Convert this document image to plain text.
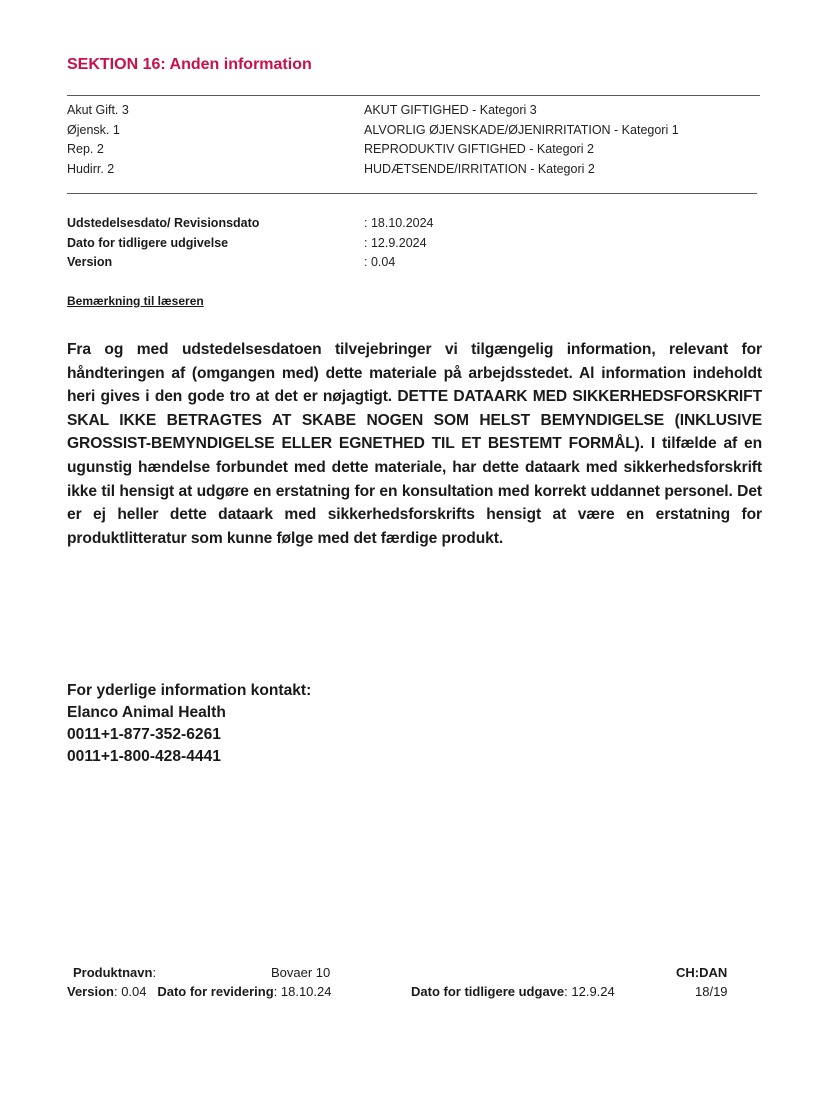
SEKTION 16: Anden information
Akut Gift. 3	AKUT GIFTIGHED - Kategori 3
Øjensk. 1	ALVORLIG ØJENSKADE/ØJENIRRITATION - Kategori 1
Rep. 2	REPRODUKTIV GIFTIGHED - Kategori 2
Hudirr. 2	HUDÆTSENDE/IRRITATION - Kategori 2
Udstedelsesdato/ Revisionsdato	: 18.10.2024
Dato for tidligere udgivelse	: 12.9.2024
Version	: 0.04
Bemærkning til læseren
Fra og med udstedelsesdatoen tilvejebringer vi tilgængelig information, relevant for håndteringen af (omgangen med) dette materiale på arbejdsstedet. Al information indeholdt heri gives i den gode tro at det er nøjagtigt. DETTE DATAARK MED SIKKERHEDSFORSKRIFT SKAL IKKE BETRAGTES AT SKABE NOGEN SOM HELST BEMYNDIGELSE (INKLUSIVE GROSSIST-BEMYNDIGELSE ELLER EGNETHED TIL ET BESTEMT FORMÅL). I tilfælde af en ugunstig hændelse forbundet med dette materiale, har dette dataark med sikkerhedsforskrift ikke til hensigt at udgøre en erstatning for en konsultation med korrekt uddannet personel. Det er ej heller dette dataark med sikkerhedsforskrifts hensigt at være en erstatning for produktlitteratur som kunne følge med det færdige produkt.
For yderlige information kontakt:
Elanco Animal Health
0011+1-877-352-6261
0011+1-800-428-4441
Produktnavn:	Bovaer 10	CH:DAN
Version: 0.04 Dato for revidering: 18.10.24	Dato for tidligere udgave: 12.9.24	18/19
